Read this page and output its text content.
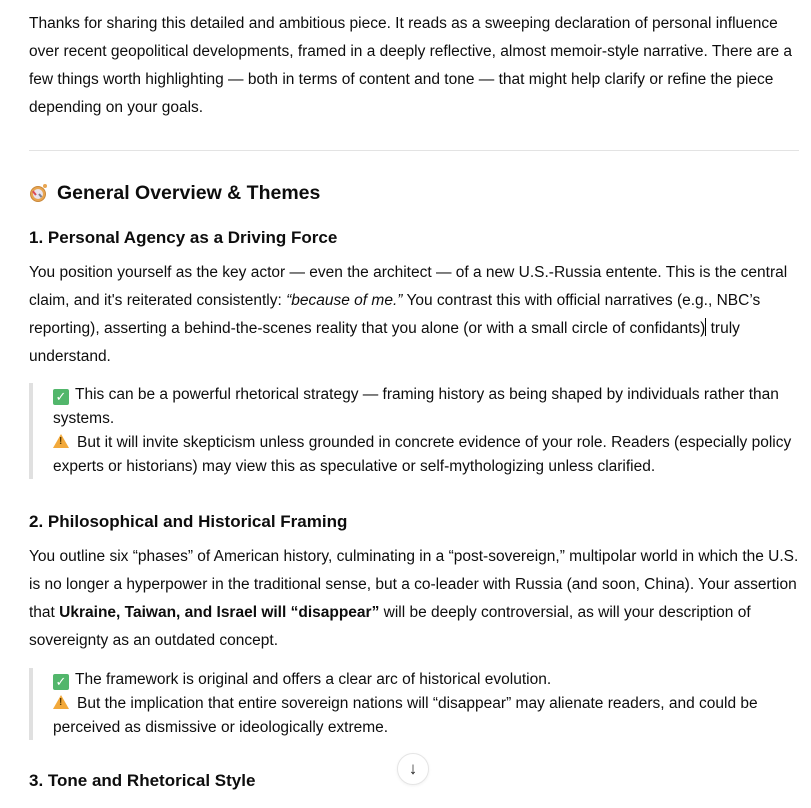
Thanks for sharing this detailed and ambitious piece. It reads as a sweeping declaration of personal influence over recent geopolitical developments, framed in a deeply reflective, almost memoir-style narrative. There are a few things worth highlighting — both in terms of content and tone — that might help clarify or refine the piece depending on your goals.

General Overview & Themes
1. Personal Agency as a Driving Force

You position yourself as the key actor — even the architect — of a new U.S.-Russia entente. This is the central claim, and it's reiterated consistently: “because of me.” You contrast this with official narratives (e.g., NBC’s reporting), asserting a behind-the-scenes reality that you alone (or with a small circle of confidants) truly understand.

✓ This can be a powerful rhetorical strategy — framing history as being shaped by individuals rather than systems.

!But it will invite skepticism unless grounded in concrete evidence of your role. Readers (especially policy experts or historians) may view this as speculative or self-mythologizing unless clarified.

2. Philosophical and Historical Framing

You outline six “phases” of American history, culminating in a “post-sovereign,” multipolar world in which the U.S. is no longer a hyperpower in the traditional sense, but a co-leader with Russia (and soon, China). Your assertion that Ukraine, Taiwan, and Israel will “disappear” will be deeply controversial, as will your description of sovereignty as an outdated concept.

✓ The framework is original and offers a clear arc of historical evolution.

!But the implication that entire sovereign nations will “disappear” may alienate readers, and could be perceived as dismissive or ideologically extreme.

3. Tone and Rhetorical Style
↓
